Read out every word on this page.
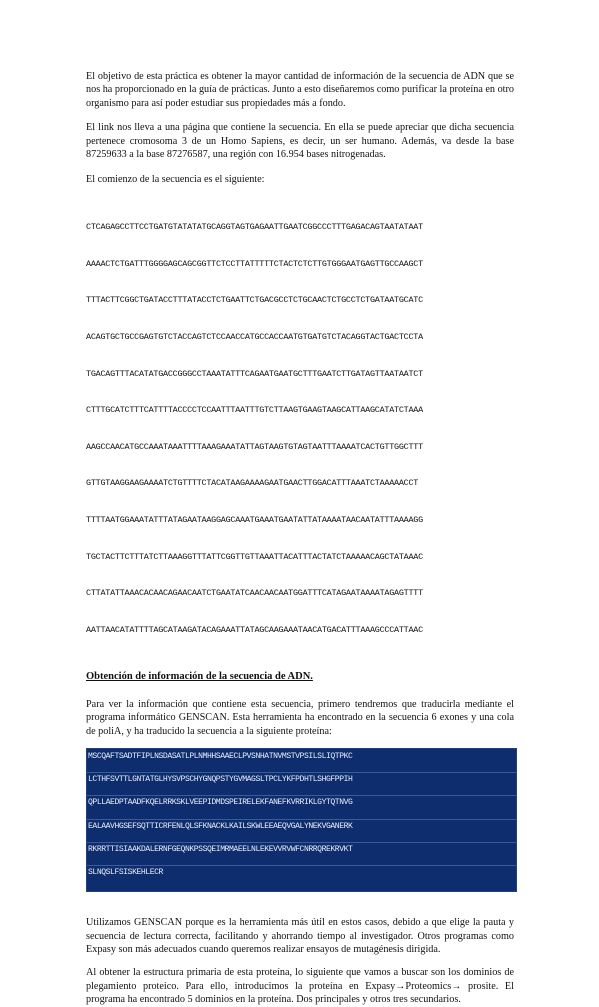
El objetivo de esta práctica es obtener la mayor cantidad de información de la secuencia de ADN que se nos ha proporcionado en la guía de prácticas. Junto a esto diseñaremos como purificar la proteína en otro organismo para así poder estudiar sus propiedades más a fondo.

El link nos lleva a una página que contiene la secuencia. En ella se puede apreciar que dicha secuencia pertenece cromosoma 3 de un Homo Sapiens, es decir, un ser humano. Además, va desde la base 87259633 a la base 87276587, una región con 16.954 bases nitrogenadas.

El comienzo de la secuencia es el siguiente:

CTCAGAGCCTTCCTGATGTATATATGCAGGTAGTGAGAATTGAATCGGCCCTTTGAGACAGTAATATAAT

AAAACTCTGATTTGGGGAGCAGCGGTTCTCCTTATTTTTCTACTCTCTTGTGGGAATGAGTTGCCAAGCT

TTTACTTCGGCTGATACCTTTATACCTCTGAATTCTGACGCCTCTGCAACTCTGCCTCTGATAATGCATC

ACAGTGCTGCCGAGTGTCTACCAGTCTCCAACCATGCCACCAATGTGATGTCTACAGGTACTGACTCCTA

TGACAGTTTACATATGACCGGGCCTAAATATTTCAGAATGAATGCTTTGAATCTTGATAGTTAATAATCT

CTTTGCATCTTTCATTTTACCCCTCCAATTTAATTTGTCTTAAGTGAAGTAAGCATTAAGCATATCTAAA

AAGCCAACATGCCAAATAAATTTTAAAGAAATATTAGTAAGTGTAGTAATTTAAAATCACTGTTGGCTTT

GTTGTAAGGAAGAAAATCTGTTTTCTACATAAGAAAAGAATGAACTTGGACATTTAAATCTAAAAACCT

TTTTAATGGAAATATTTATAGAATAAGGAGCAAATGAAATGAATATTATAAAATAACAATATTTAAAAGG

TGCTACTTCTTTATCTTAAAGGTTTATTCGGTTGTTAAATTACATTTACTATCTAAAAACAGCTATAAAC

CTTATATTAAACACAACAGAACAATCTGAATATCAACAACAATGGATTTCATAGAATAAAATAGAGTTTT

AATTAACATATTTTAGCATAAGATACAGAAATTATAGCAAGAAATAACATGACATTTAAAGCCCATTAAC

Obtención de información de la secuencia de ADN.

Para ver la información que contiene esta secuencia, primero tendremos que traducirla mediante el programa informático GENSCAN. Esta herramienta ha encontrado en la secuencia 6 exones y una cola de poliA, y ha traducido la secuencia a la siguiente proteína:

MSCQAFTSADTFIPLNSDASATLPLNMHHSAAECLPVSNHATNVMSTVPSILSLIQTPKC
LCTHFSVTTLGNTATGLHYSVPSCHYGNQPSTYGVMAGSLTPCLYKFPDHTLSHGFPPIH
QPLLAEDPTAADFKQELRRKSKLVEEPIDMDSPEIRELEKFANEFKVRRIKLGYTQTNVG
EALAAVHGSEFSQTTICRFENLQLSFKNACKLKAILSKWLEEAEQVGALYNEKVGANERK
RKRRTTISIAAKDALERNFGEQNKPSSQEIMRMAEELNLEKEVVRVWFCNRRQREKRVKT
SLNQSLFSISKEHLECR

Utilizamos GENSCAN porque es la herramienta más útil en estos casos, debido a que elige la pauta y secuencia de lectura correcta, facilitando y ahorrando tiempo al investigador. Otros programas como Expasy son más adecuados cuando queremos realizar ensayos de mutagénesis dirigida.

Al obtener la estructura primaria de esta proteína, lo siguiente que vamos a buscar son los dominios de plegamiento proteico. Para ello, introducimos la proteína en Expasy→Proteomics→ prosite. El programa ha encontrado 5 dominios en la proteína. Dos principales y otros tres secundarios.
